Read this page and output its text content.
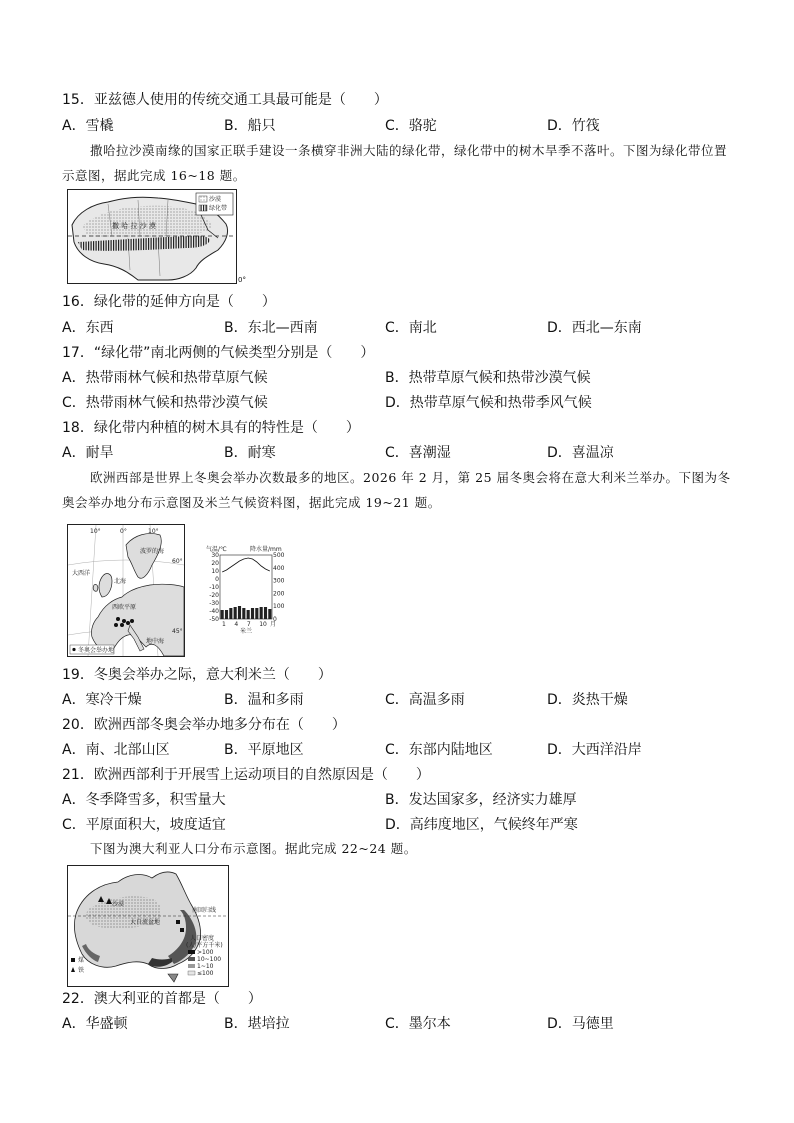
15．亚兹德人使用的传统交通工具最可能是（　　）
A．雪橇	B．船只	C．骆驼	D．竹筏
撒哈拉沙漠南缘的国家正联手建设一条横穿非洲大陆的绿化带，绿化带中的树木旱季不落叶。下图为绿化带位置示意图，据此完成 16~18 题。
撒 哈 拉 沙 漠
沙漠
绿化带
0°
16．绿化带的延伸方向是（　　）
A．东西	B．东北—西南	C．南北	D．西北—东南
17．“绿化带”南北两侧的气候类型分别是（　　）
A．热带雨林气候和热带草原气候	B．热带草原气候和热带沙漠气候
C．热带雨林气候和热带沙漠气候	D．热带草原气候和热带季风气候
18．绿化带内种植的树木具有的特性是（　　）
A．耐旱	B．耐寒	C．喜潮湿	D．喜温凉
欧洲西部是世界上冬奥会举办次数最多的地区。2026 年 2 月，第 25 届冬奥会将在意大利米兰举办。下图为冬奥会举办地分布示意图及米兰气候资料图，据此完成 19~21 题。
大西洋
北海
波罗的海
西欧平原
地中海
10°	0°	10°
60°
45°
冬奥会举办地
气温/℃	降水量/mm
30
20
10
0
-10
-20
-30
-40
-50
500
400
300
200
100
0
1 4 7 10 月
米兰
19．冬奥会举办之际，意大利米兰（　　）
A．寒冷干燥	B．温和多雨	C．高温多雨	D．炎热干燥
20．欧洲西部冬奥会举办地多分布在（　　）
A．南、北部山区	B．平原地区	C．东部内陆地区	D．大西洋沿岸
21．欧洲西部利于开展雪上运动项目的自然原因是（　　）
A．冬季降雪多，积雪量大	B．发达国家多，经济实力雄厚
C．平原面积大，坡度适宜	D．高纬度地区，气候终年严寒
下图为澳大利亚人口分布示意图。据此完成 22~24 题。
南回归线
沙漠
大自流盆地
人口密度
(人/平方千米)
>100
10~100
1~10
≤100
煤
铁
22．澳大利亚的首都是（　　）
A．华盛顿	B．堪培拉	C．墨尔本	D．马德里
